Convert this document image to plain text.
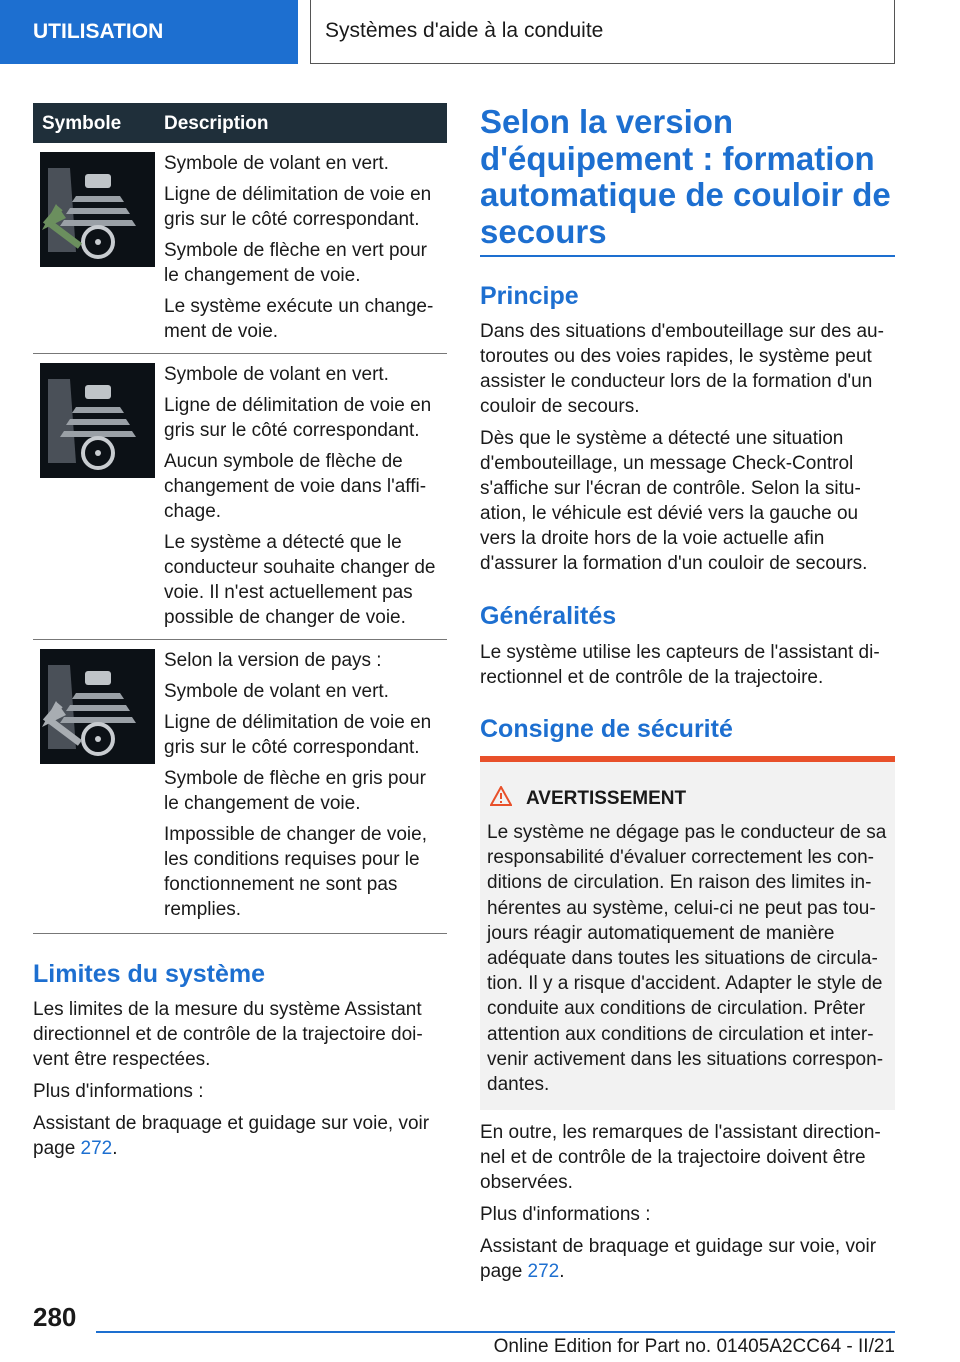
UTILISATION	Systèmes d'aide à la conduite
Symbole Description

Symbole de volant en vert.

Ligne de délimitation de voie en gris sur le côté correspondant.

Symbole de flèche en vert pour le changement de voie.

Le système exécute un change-ment de voie.

Symbole de volant en vert.

Ligne de délimitation de voie en gris sur le côté correspondant.

Aucun symbole de flèche de changement de voie dans l'affi-chage.

Le système a détecté que le conducteur souhaite changer de voie. Il n'est actuellement pas possible de changer de voie.

Selon la version de pays :

Symbole de volant en vert.

Ligne de délimitation de voie en gris sur le côté correspondant.

Symbole de flèche en gris pour le changement de voie.

Impossible de changer de voie, les conditions requises pour le fonctionnement ne sont pas remplies.

Limites du système

Les limites de la mesure du système Assistant directionnel et de contrôle de la trajectoire doi-vent être respectées.

Plus d'informations :

Assistant de braquage et guidage sur voie, voir page 272.

Selon la version d'équipement : formation automatique de couloir de secours
Principe

Dans des situations d'embouteillage sur des au-toroutes ou des voies rapides, le système peut assister le conducteur lors de la formation d'un couloir de secours.

Dès que le système a détecté une situation d'embouteillage, un message Check-Control s'affiche sur l'écran de contrôle. Selon la situ-ation, le véhicule est dévié vers la gauche ou vers la droite hors de la voie actuelle afin d'assurer la formation d'un couloir de secours.

Généralités

Le système utilise les capteurs de l'assistant di-rectionnel et de contrôle de la trajectoire.

Consigne de sécurité
AVERTISSEMENT
Le système ne dégage pas le conducteur de sa responsabilité d'évaluer correctement les con-ditions de circulation. En raison des limites in-hérentes au système, celui-ci ne peut pas tou-jours réagir automatiquement de manière adéquate dans toutes les situations de circula-tion. Il y a risque d'accident. Adapter le style de conduite aux conditions de circulation. Prêter attention aux conditions de circulation et inter-venir activement dans les situations correspon-dantes.

En outre, les remarques de l'assistant direction-nel et de contrôle de la trajectoire doivent être observées.

Plus d'informations :

Assistant de braquage et guidage sur voie, voir page 272.

280
Online Edition for Part no. 01405A2CC64 - II/21
